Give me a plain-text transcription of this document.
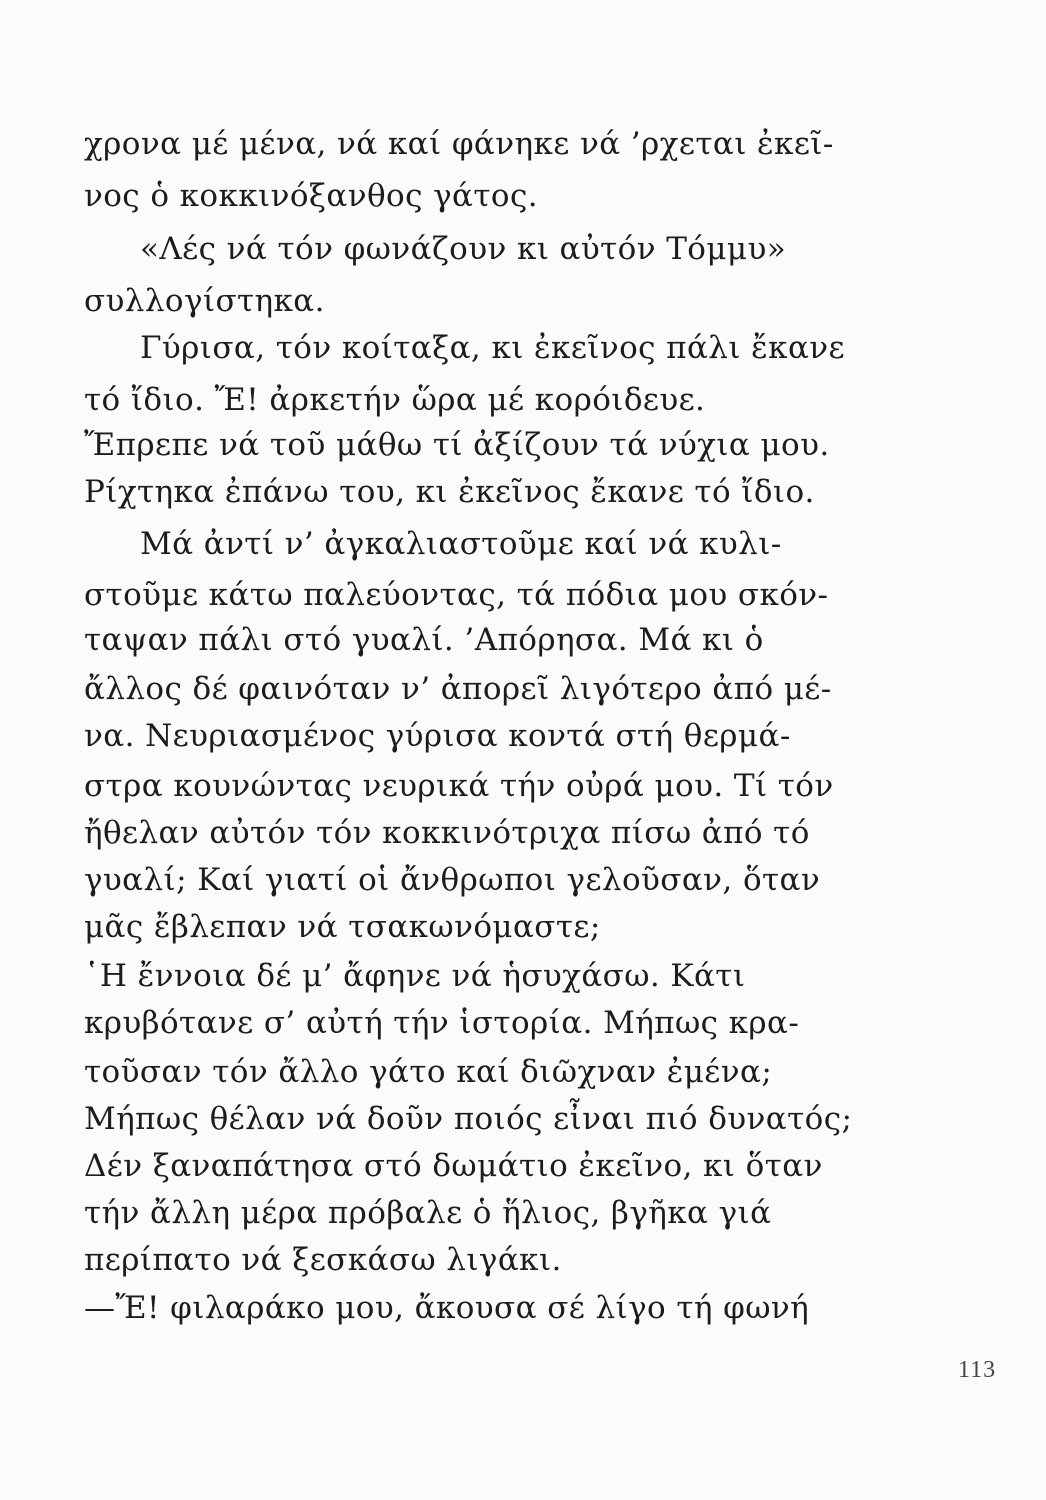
χρονα μέ μένα, νά καί φάνηκε νά ’ρχεται ἐκεῖ-
νος ὁ κοκκινόξανθος γάτος.
«Λές νά τόν φωνάζουν κι αὐτόν Τόμμυ»
συλλογίστηκα.
Γύρισα, τόν κοίταξα, κι ἐκεῖνος πάλι ἔκανε
τό ἴδιο. Ἔ! ἀρκετήν ὥρα μέ κορόιδευε.
Ἔπρεπε νά τοῦ μάθω τί ἀξίζουν τά νύχια μου.
Ρίχτηκα ἐπάνω του, κι ἐκεῖνος ἔκανε τό ἴδιο.
Μά ἀντί ν’ ἀγκαλιαστοῦμε καί νά κυλι-
στοῦμε κάτω παλεύοντας, τά πόδια μου σκόν-
ταψαν πάλι στό γυαλί. ’Απόρησα. Μά κι ὁ
ἄλλος δέ φαινόταν ν’ ἀπορεῖ λιγότερο ἀπό μέ-
να. Νευριασμένος γύρισα κοντά στή θερμά-
στρα κουνώντας νευρικά τήν οὐρά μου. Τί τόν
ἤθελαν αὐτόν τόν κοκκινότριχα πίσω ἀπό τό
γυαλί; Καί γιατί οἱ ἄνθρωποι γελοῦσαν, ὅταν
μᾶς ἔβλεπαν νά τσακωνόμαστε;
῾Η ἔννοια δέ μ’ ἄφηνε νά ἡσυχάσω. Κάτι
κρυβότανε σ’ αὐτή τήν ἱστορία. Μήπως κρα-
τοῦσαν τόν ἄλλο γάτο καί διῶχναν ἐμένα;
Μήπως θέλαν νά δοῦν ποιός εἶναι πιό δυνατός;
Δέν ξαναπάτησα στό δωμάτιο ἐκεῖνο, κι ὅταν
τήν ἄλλη μέρα πρόβαλε ὁ ἥλιος, βγῆκα γιά
περίπατο νά ξεσκάσω λιγάκι.
—Ἔ! φιλαράκο μου, ἄκουσα σέ λίγο τή φωνή
113
